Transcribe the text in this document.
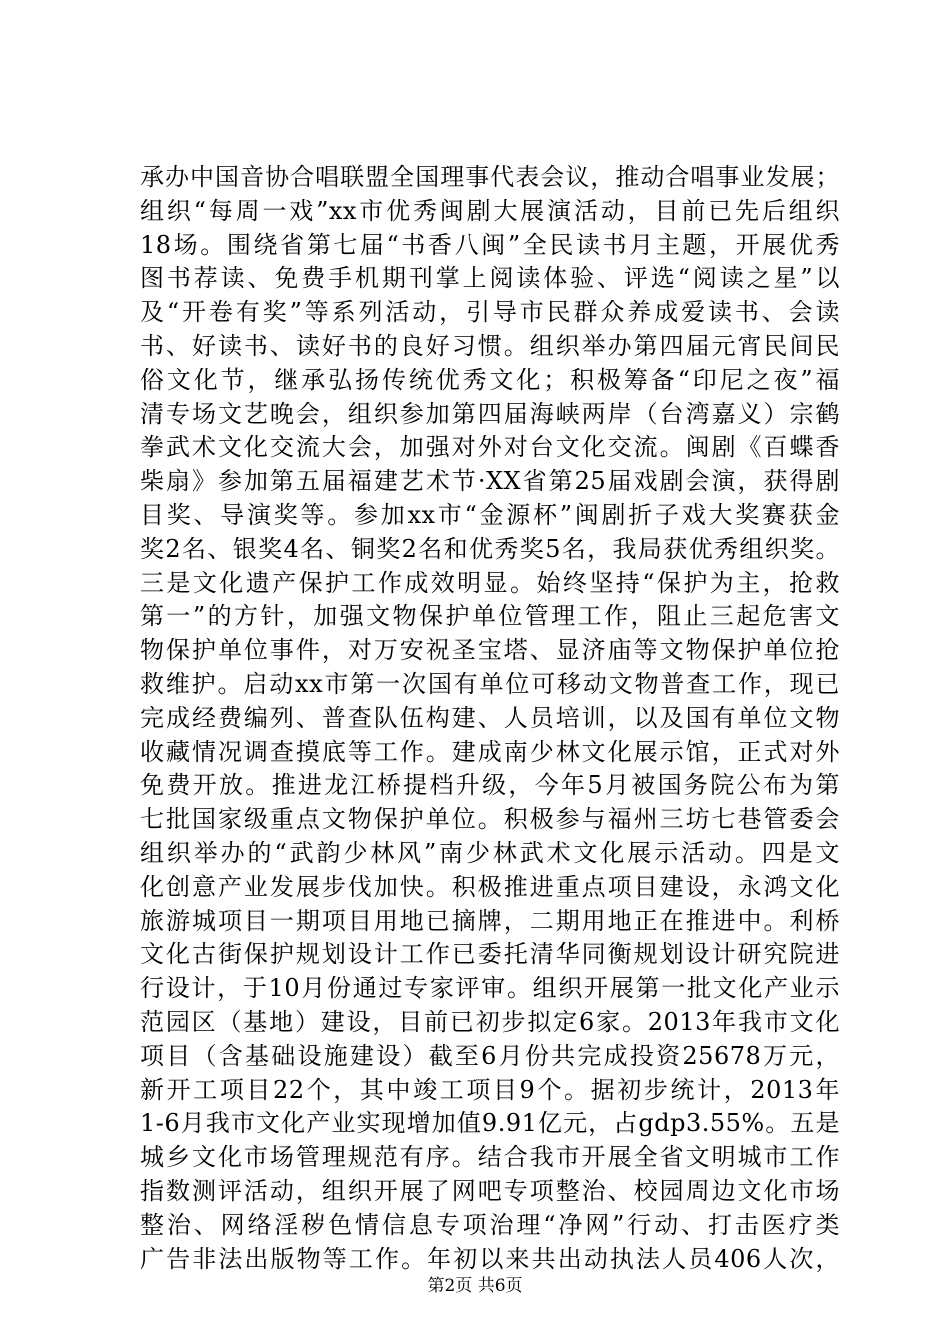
承办中国音协合唱联盟全国理事代表会议，推动合唱事业发展；
组织“每周一戏”xx市优秀闽剧大展演活动，目前已先后组织
18场。围绕省第七届“书香八闽”全民读书月主题，开展优秀
图书荐读、免费手机期刊掌上阅读体验、评选“阅读之星”以
及“开卷有奖”等系列活动，引导市民群众养成爱读书、会读
书、好读书、读好书的良好习惯。组织举办第四届元宵民间民
俗文化节，继承弘扬传统优秀文化；积极筹备“印尼之夜”福
清专场文艺晚会，组织参加第四届海峡两岸（台湾嘉义）宗鹤
拳武术文化交流大会，加强对外对台文化交流。闽剧《百蝶香
柴扇》参加第五届福建艺术节·XX省第25届戏剧会演，获得剧
目奖、导演奖等。参加xx市“金源杯”闽剧折子戏大奖赛获金
奖2名、银奖4名、铜奖2名和优秀奖5名，我局获优秀组织奖。
三是文化遗产保护工作成效明显。始终坚持“保护为主，抢救
第一”的方针，加强文物保护单位管理工作，阻止三起危害文
物保护单位事件，对万安祝圣宝塔、显济庙等文物保护单位抢
救维护。启动xx市第一次国有单位可移动文物普查工作，现已
完成经费编列、普查队伍构建、人员培训，以及国有单位文物
收藏情况调查摸底等工作。建成南少林文化展示馆，正式对外
免费开放。推进龙江桥提档升级，今年5月被国务院公布为第
七批国家级重点文物保护单位。积极参与福州三坊七巷管委会
组织举办的“武韵少林风”南少林武术文化展示活动。四是文
化创意产业发展步伐加快。积极推进重点项目建设，永鸿文化
旅游城项目一期项目用地已摘牌，二期用地正在推进中。利桥
文化古街保护规划设计工作已委托清华同衡规划设计研究院进
行设计，于10月份通过专家评审。组织开展第一批文化产业示
范园区（基地）建设，目前已初步拟定6家。2013年我市文化
项目（含基础设施建设）截至6月份共完成投资25678万元，
新开工项目22个，其中竣工项目9个。据初步统计，2013年
1-6月我市文化产业实现增加值9.91亿元，占gdp3.55%。五是
城乡文化市场管理规范有序。结合我市开展全省文明城市工作
指数测评活动，组织开展了网吧专项整治、校园周边文化市场
整治、网络淫秽色情信息专项治理“净网”行动、打击医疗类
广告非法出版物等工作。年初以来共出动执法人员406人次，
第2页 共6页
